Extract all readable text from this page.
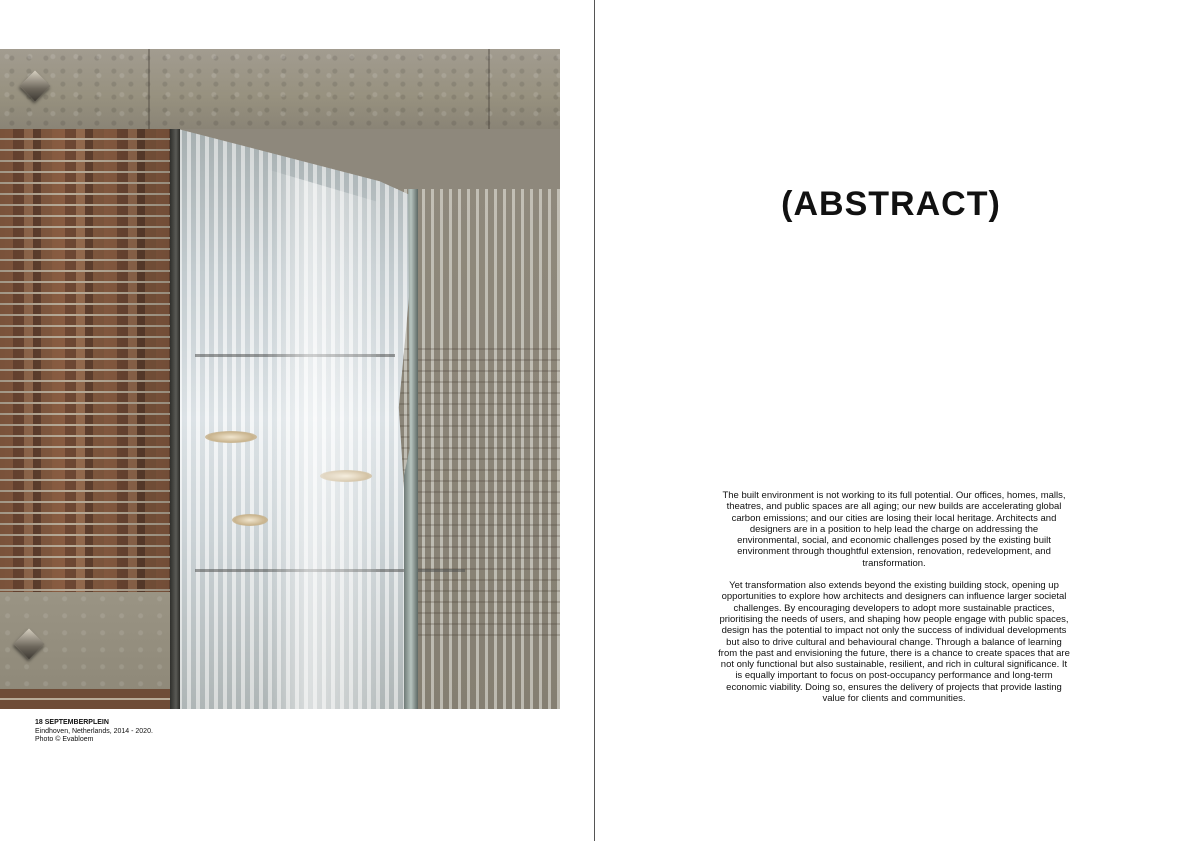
18 SEPTEMBERPLEIN
Eindhoven, Netherlands, 2014 - 2020.
Photo © Evabloem
(ABSTRACT)

The built environment is not working to its full potential. Our offices, homes, malls, theatres, and public spaces are all aging; our new builds are accelerating global carbon emissions; and our cities are losing their local heritage. Architects and designers are in a position to help lead the charge on addressing the environmental, social, and economic challenges posed by the existing built environment through thoughtful extension, renovation, redevelopment, and transformation.

Yet transformation also extends beyond the existing building stock, opening up opportunities to explore how architects and designers can influence larger societal challenges. By encouraging developers to adopt more sustainable practices, prioritising the needs of users, and shaping how people engage with public spaces, design has the potential to impact not only the success of individual developments but also to drive cultural and behavioural change. Through a balance of learning from the past and envisioning the future, there is a chance to create spaces that are not only functional but also sustainable, resilient, and rich in cultural significance. It is equally important to focus on post-occupancy performance and long-term economic viability. Doing so, ensures the delivery of projects that provide lasting value for clients and communities.
